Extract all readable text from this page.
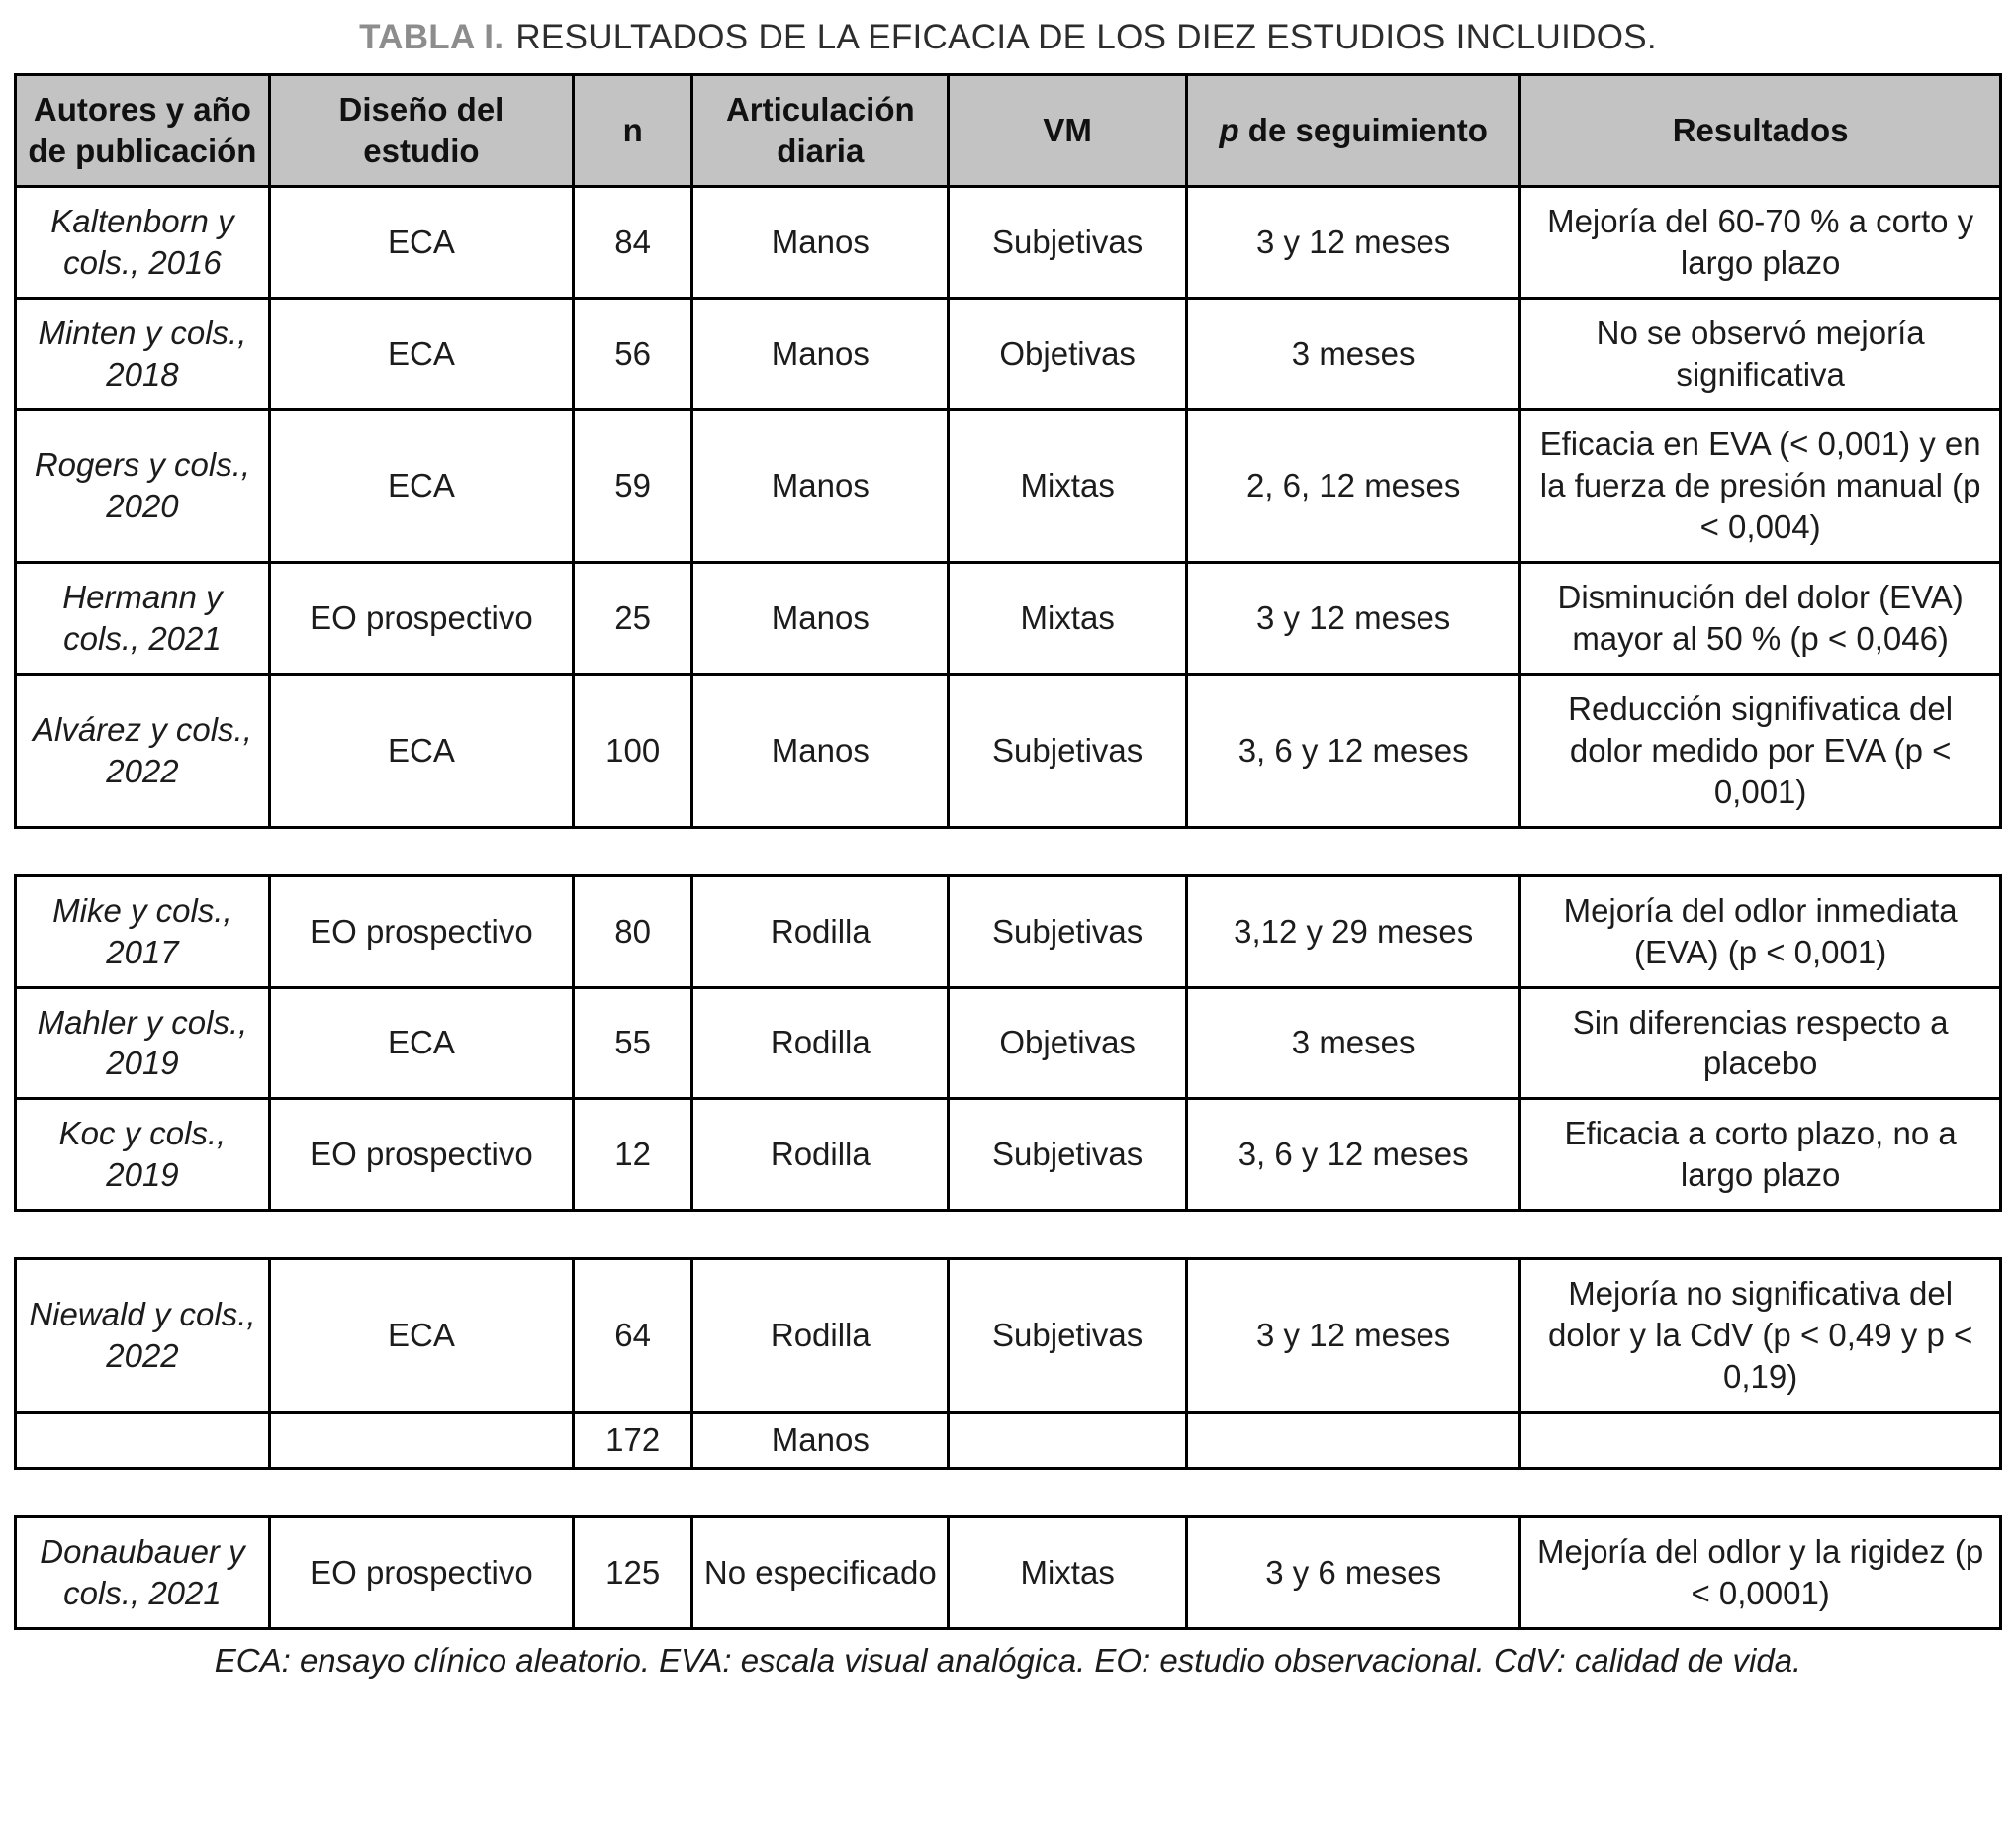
TABLA I. RESULTADOS DE LA EFICACIA DE LOS DIEZ ESTUDIOS INCLUIDOS.
Autores y año de publicación	Diseño del estudio	n	Articulación diaria	VM	p de seguimiento	Resultados
Kaltenborn y cols., 2016	ECA	84	Manos	Subjetivas	3 y 12 meses	Mejoría del 60-70 % a corto y largo plazo
Minten y cols., 2018	ECA	56	Manos	Objetivas	3 meses	No se observó mejoría significativa
Rogers y cols., 2020	ECA	59	Manos	Mixtas	2, 6, 12 meses	Eficacia en EVA (< 0,001) y en la fuerza de presión manual (p < 0,004)
Hermann y cols., 2021	EO prospectivo	25	Manos	Mixtas	3 y 12 meses	Disminución del dolor (EVA) mayor al 50 % (p < 0,046)
Alvárez y cols., 2022	ECA	100	Manos	Subjetivas	3, 6 y 12 meses	Reducción signifivatica del dolor medido por EVA (p < 0,001)
Mike y cols., 2017	EO prospectivo	80	Rodilla	Subjetivas	3,12 y 29 meses	Mejoría del odlor inmediata (EVA) (p < 0,001)
Mahler y cols., 2019	ECA	55	Rodilla	Objetivas	3 meses	Sin diferencias respecto a placebo
Koc y cols., 2019	EO prospectivo	12	Rodilla	Subjetivas	3, 6 y 12 meses	Eficacia a corto plazo, no a largo plazo
Niewald y cols., 2022	ECA	64	Rodilla	Subjetivas	3 y 12 meses	Mejoría no significativa del dolor y la CdV (p < 0,49 y p < 0,19)
		172	Manos			
Donaubauer y cols., 2021	EO prospectivo	125	No especificado	Mixtas	3 y 6 meses	Mejoría del odlor y la rigidez (p < 0,0001)
ECA: ensayo clínico aleatorio. EVA: escala visual analógica. EO: estudio observacional. CdV: calidad de vida.
